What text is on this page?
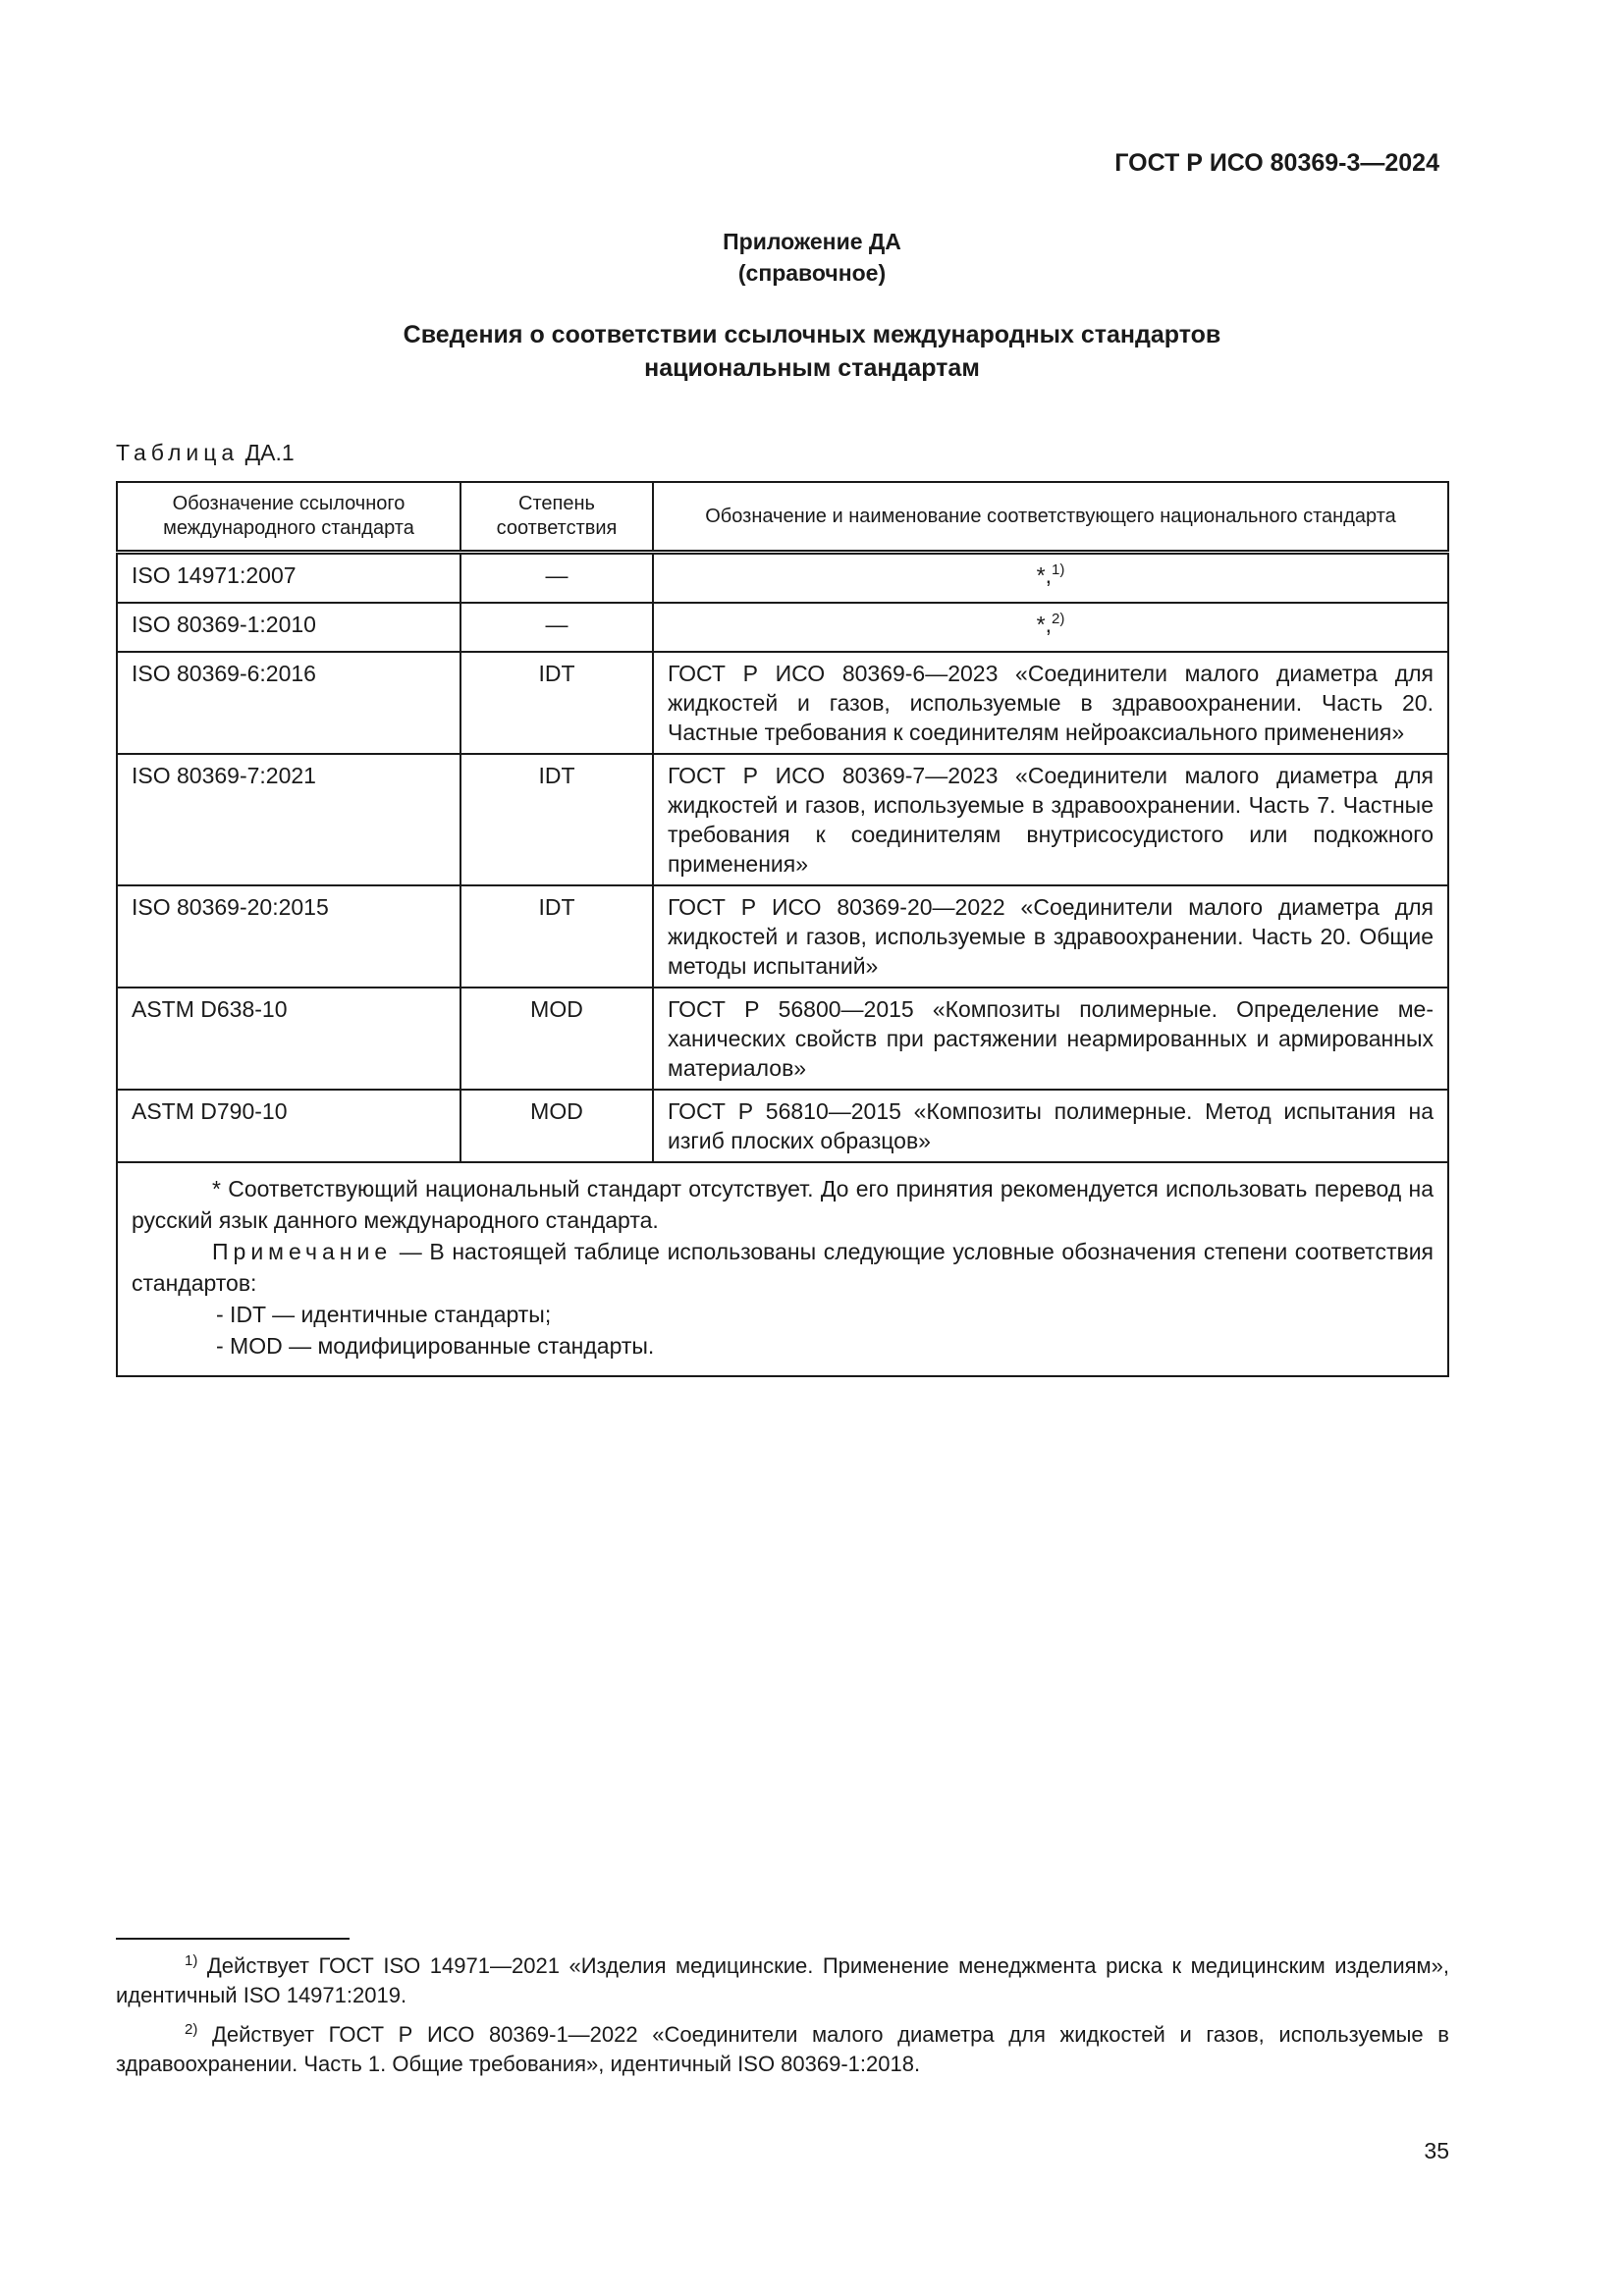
ГОСТ Р ИСО 80369-3—2024
Приложение ДА
(справочное)
Сведения о соответствии ссылочных международных стандартов
национальным стандартам
Таблица ДА.1
Обозначение ссылочного международного стандарта	Степень соответствия	Обозначение и наименование соответствующего национального стандарта
ISO 14971:2007	—	*,$^{1)}$
ISO 80369-1:2010	—	*,$^{2)}$
ISO 80369-6:2016	IDT	ГОСТ Р ИСО 80369-6—2023 «Соединители малого диаметра для жидкостей и газов, используемые в здравоохранении. Часть 20. Частные требования к соединителям нейроаксиального применения»
ISO 80369-7:2021	IDT	ГОСТ Р ИСО 80369-7—2023 «Соединители малого диаметра для жидкостей и газов, используемые в здравоохранении. Часть 7. Частные требования к соединителям внутрисосудистого или подкожного применения»
ISO 80369-20:2015	IDT	ГОСТ Р ИСО 80369-20—2022 «Соединители малого диаметра для жидкостей и газов, используемые в здравоохранении. Часть 20. Общие методы испытаний»
ASTM D638-10	MOD	ГОСТ Р 56800—2015 «Композиты полимерные. Определение механических свойств при растяжении неармированных и армированных материалов»
ASTM D790-10	MOD	ГОСТ Р 56810—2015 «Композиты полимерные. Метод испытания на изгиб плоских образцов»

* Соответствующий национальный стандарт отсутствует. До его принятия рекомендуется использовать перевод на русский язык данного международного стандарта.

Примечание — В настоящей таблице использованы следующие условные обозначения степени соответствия стандартов:

- IDT — идентичные стандарты;

- MOD — модифицированные стандарты.		

$^{1)}$ Действует ГОСТ ISO 14971—2021 «Изделия медицинские. Применение менеджмента риска к медицинским изделиям», идентичный ISO 14971:2019.

$^{2)}$ Действует ГОСТ Р ИСО 80369-1—2022 «Соединители малого диаметра для жидкостей и газов, используемые в здравоохранении. Часть 1. Общие требования», идентичный ISO 80369-1:2018.

35
